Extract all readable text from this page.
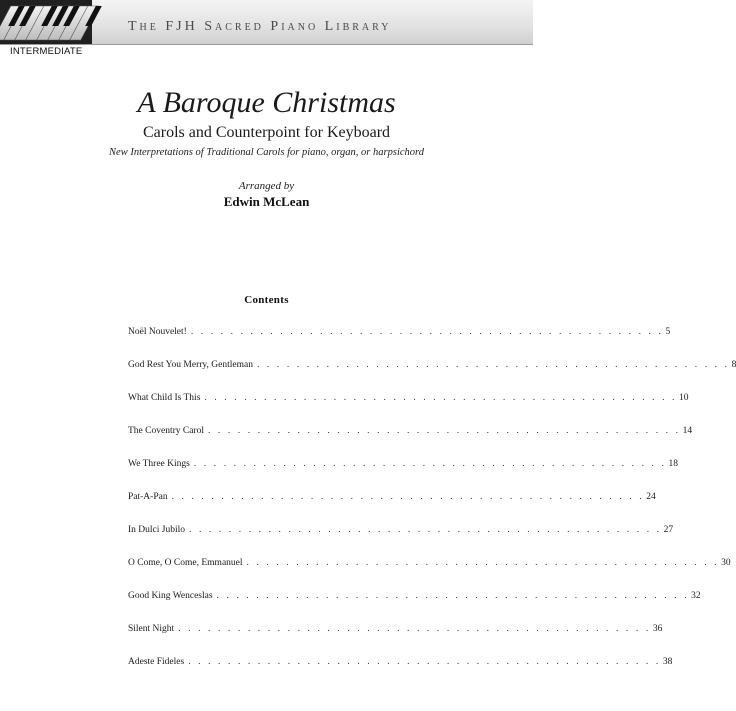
The FJH Sacred Piano Library
INTERMEDIATE
A Baroque Christmas
Carols and Counterpoint for Keyboard
New Interpretations of Traditional Carols for piano, organ, or harpsichord
Arranged by
Edwin McLean
Contents
Noël Nouvelet! . . . . . . . . . . . . . . . . . . . . . . . . . . . . . . . . . . . . . . . . . . . . . . . . 5
God Rest You Merry, Gentleman . . . . . . . . . . . . . . . . . . . . . . . . . . . . . . . . . . . . . . . . . . . . . . . . 8
What Child Is This . . . . . . . . . . . . . . . . . . . . . . . . . . . . . . . . . . . . . . . . . . . . . . . . 10
The Coventry Carol . . . . . . . . . . . . . . . . . . . . . . . . . . . . . . . . . . . . . . . . . . . . . . . . 14
We Three Kings . . . . . . . . . . . . . . . . . . . . . . . . . . . . . . . . . . . . . . . . . . . . . . . . 18
Pat-A-Pan . . . . . . . . . . . . . . . . . . . . . . . . . . . . . . . . . . . . . . . . . . . . . . . . 24
In Dulci Jubilo . . . . . . . . . . . . . . . . . . . . . . . . . . . . . . . . . . . . . . . . . . . . . . . . 27
O Come, O Come, Emmanuel . . . . . . . . . . . . . . . . . . . . . . . . . . . . . . . . . . . . . . . . . . . . . . . . 30
Good King Wenceslas . . . . . . . . . . . . . . . . . . . . . . . . . . . . . . . . . . . . . . . . . . . . . . . . 32
Silent Night . . . . . . . . . . . . . . . . . . . . . . . . . . . . . . . . . . . . . . . . . . . . . . . . 36
Adeste Fideles . . . . . . . . . . . . . . . . . . . . . . . . . . . . . . . . . . . . . . . . . . . . . . . . 38
